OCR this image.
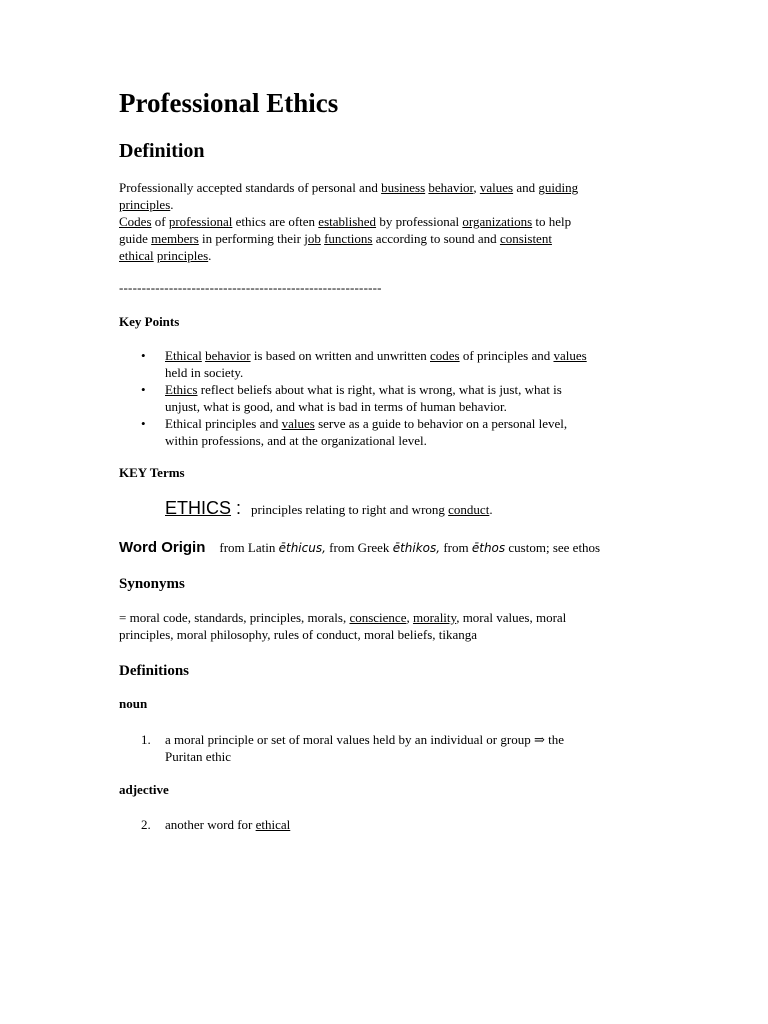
Professional Ethics
Definition

Professionally accepted standards of personal and business behavior, values and guiding
principles.
Codes of professional ethics are often established by professional organizations to help
guide members in performing their job functions according to sound and consistent
ethical principles.

----------------------------------------------------------
Key Points
• Ethical behavior is based on written and unwritten codes of principles and values
held in society.
• Ethics reflect beliefs about what is right, what is wrong, what is just, what is
unjust, what is good, and what is bad in terms of human behavior.
• Ethical principles and values serve as a guide to behavior on a personal level,
within professions, and at the organizational level.
KEY Terms
ETHICS : principles relating to right and wrong conduct.
Word Origin from Latin ēthicus, from Greek ēthikos, from ēthos custom; see ethos
Synonyms

= moral code, standards, principles, morals, conscience, morality, moral values, moral
principles, moral philosophy, rules of conduct, moral beliefs, tikanga

Definitions
noun
1. a moral principle or set of moral values held by an individual or group ⇒ the
Puritan ethic
adjective
2. another word for ethical
